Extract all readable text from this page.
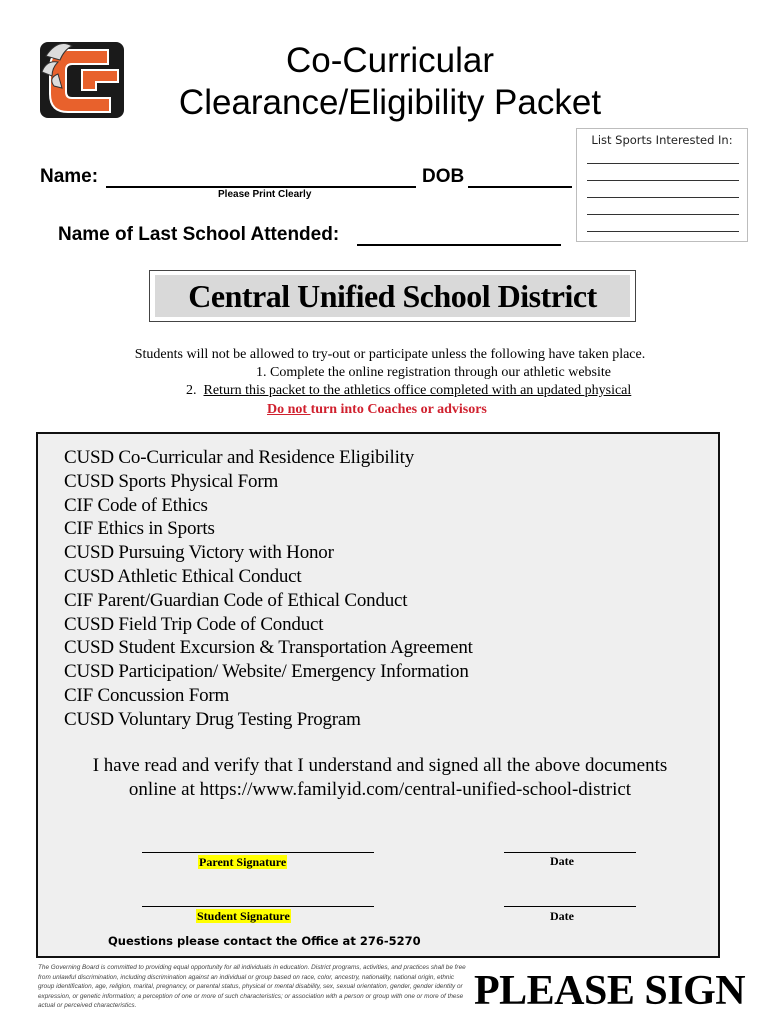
Co-Curricular
Clearance/Eligibility Packet
List Sports Interested In:
Name:	DOB
Please Print Clearly
Name of Last School Attended:
Central Unified School District
Students will not be allowed to try-out or participate unless the following have taken place.
1. Complete the online registration through our athletic website
2. Return this packet to the athletics office completed with an updated physical
Do not turn into Coaches or advisors
CUSD Co-Curricular and Residence Eligibility
CUSD Sports Physical Form
CIF Code of Ethics
CIF Ethics in Sports
CUSD Pursuing Victory with Honor
CUSD Athletic Ethical Conduct
CIF Parent/Guardian Code of Ethical Conduct
CUSD Field Trip Code of Conduct
CUSD Student Excursion & Transportation Agreement
CUSD Participation/ Website/ Emergency Information
CIF Concussion Form
CUSD Voluntary Drug Testing Program
I have read and verify that I understand and signed all the above documents
online at https://www.familyid.com/central-unified-school-district
Parent Signature	Date
Student Signature	Date
Questions please contact the Office at 276-5270
The Governing Board is committed to providing equal opportunity for all individuals in education. District programs, activities, and practices shall be free from unlawful discrimination, including discrimination against an individual or group based on race, color, ancestry, nationality, national origin, ethnic group identification, age, religion, marital, pregnancy, or parental status, physical or mental disability, sex, sexual orientation, gender, gender identity or expression, or genetic information; a perception of one or more of such characteristics; or association with a person or group with one or more of these actual or perceived characteristics.	PLEASE SIGN
